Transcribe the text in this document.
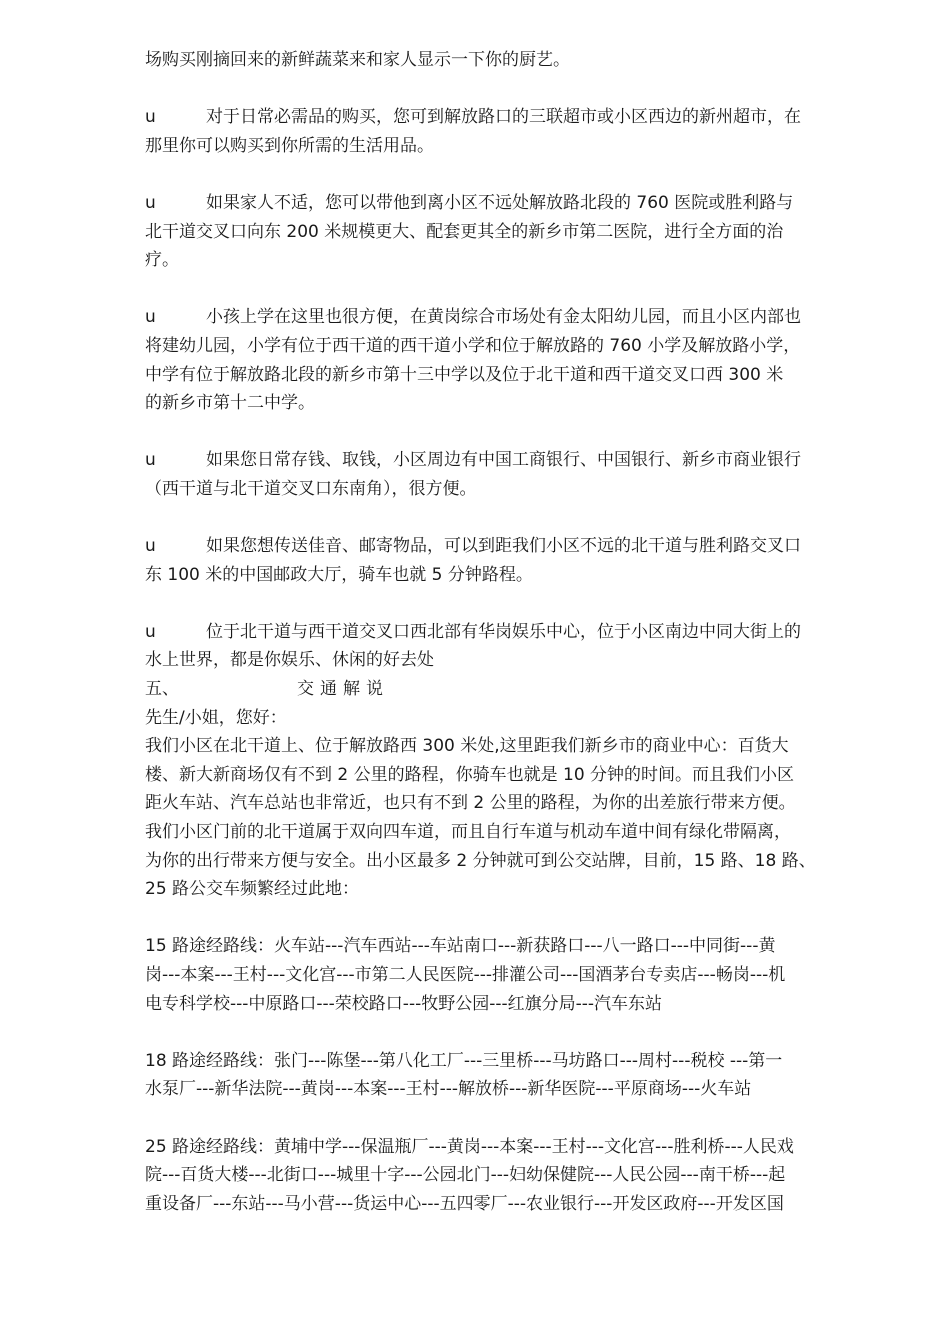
场购买刚摘回来的新鲜蔬菜来和家人显示一下你的厨艺。
u	对于日常必需品的购买，您可到解放路口的三联超市或小区西边的新州超市，在
那里你可以购买到你所需的生活用品。
u	如果家人不适，您可以带他到离小区不远处解放路北段的 760 医院或胜利路与
北干道交叉口向东 200 米规模更大、配套更其全的新乡市第二医院，进行全方面的治
疗。
u	小孩上学在这里也很方便，在黄岗综合市场处有金太阳幼儿园，而且小区内部也
将建幼儿园，小学有位于西干道的西干道小学和位于解放路的 760 小学及解放路小学，
中学有位于解放路北段的新乡市第十三中学以及位于北干道和西干道交叉口西 300 米
的新乡市第十二中学。
u	如果您日常存钱、取钱，小区周边有中国工商银行、中国银行、新乡市商业银行
（西干道与北干道交叉口东南角），很方便。
u	如果您想传送佳音、邮寄物品，可以到距我们小区不远的北干道与胜利路交叉口
东 100 米的中国邮政大厅，骑车也就 5 分钟路程。
u	位于北干道与西干道交叉口西北部有华岗娱乐中心，位于小区南边中同大街上的
水上世界，都是你娱乐、休闲的好去处
五、	交通解说
先生/小姐，您好：
我们小区在北干道上、位于解放路西 300 米处,这里距我们新乡市的商业中心：百货大
楼、新大新商场仅有不到 2 公里的路程，你骑车也就是 10 分钟的时间。而且我们小区
距火车站、汽车总站也非常近，也只有不到 2 公里的路程，为你的出差旅行带来方便。
我们小区门前的北干道属于双向四车道，而且自行车道与机动车道中间有绿化带隔离，
为你的出行带来方便与安全。出小区最多 2 分钟就可到公交站牌，目前，15 路、18 路、
25 路公交车频繁经过此地：
15 路途经路线：火车站---汽车西站---车站南口---新获路口---八一路口---中同街---黄
岗---本案---王村---文化宫---市第二人民医院---排灌公司---国酒茅台专卖店---畅岗---机
电专科学校---中原路口---荣校路口---牧野公园---红旗分局---汽车东站
18 路途经路线：张门---陈堡---第八化工厂---三里桥---马坊路口---周村---税校 ---第一
水泵厂---新华法院---黄岗---本案---王村---解放桥---新华医院---平原商场---火车站
25 路途经路线：黄埔中学---保温瓶厂---黄岗---本案---王村---文化宫---胜利桥---人民戏
院---百货大楼---北街口---城里十字---公园北门---妇幼保健院---人民公园---南干桥---起
重设备厂---东站---马小营---货运中心---五四零厂---农业银行---开发区政府---开发区国
